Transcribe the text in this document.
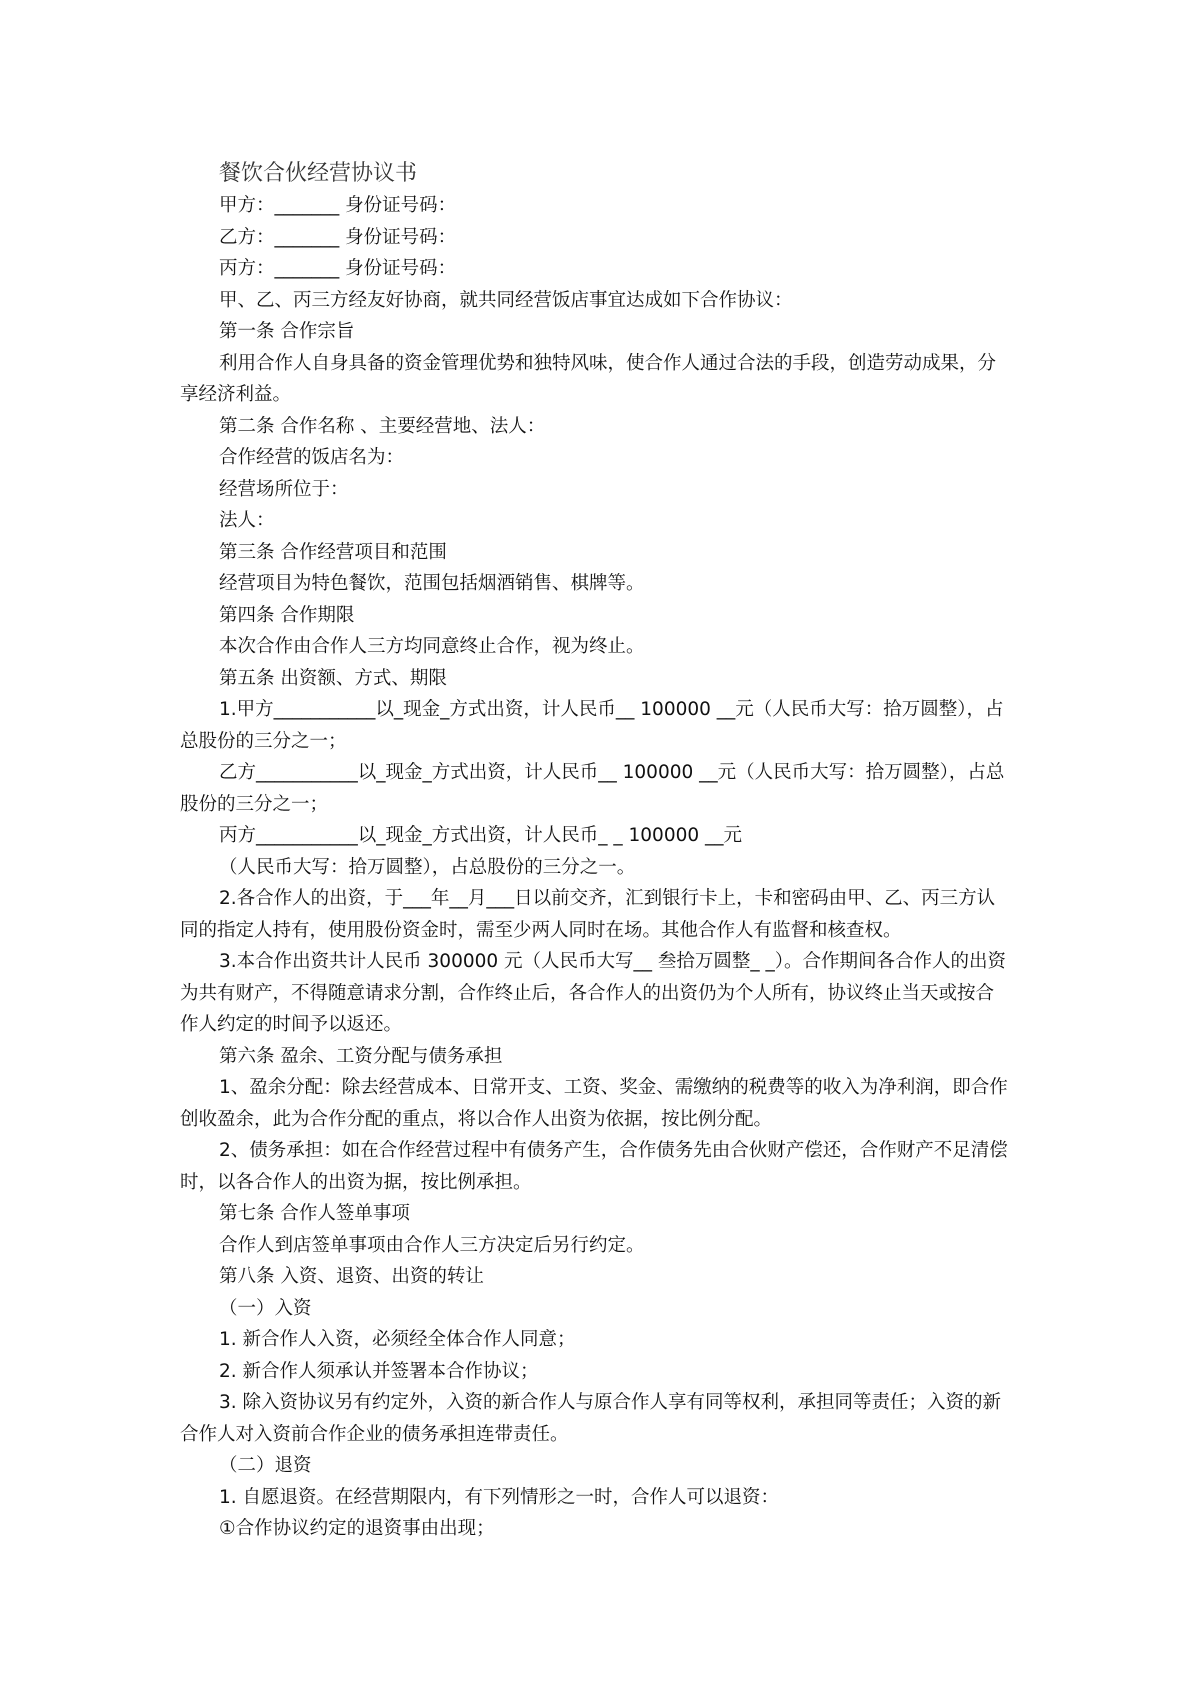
餐饮合伙经营协议书

甲方：_______ 身份证号码：

乙方：_______ 身份证号码：

丙方：_______ 身份证号码：

甲、乙、丙三方经友好协商，就共同经营饭店事宜达成如下合作协议：

第一条 合作宗旨

利用合作人自身具备的资金管理优势和独特风味，使合作人通过合法的手段，创造劳动成果，分享经济利益。

第二条 合作名称 、主要经营地、法人：

合作经营的饭店名为：

经营场所位于：

法人：

第三条 合作经营项目和范围

经营项目为特色餐饮，范围包括烟酒销售、棋牌等。

第四条 合作期限

本次合作由合作人三方均同意终止合作，视为终止。

第五条 出资额、方式、期限

1.甲方___________以_现金_方式出资，计人民币__ 100000 __元（人民币大写：拾万圆整），占总股份的三分之一；

乙方___________以_现金_方式出资，计人民币__ 100000 __元（人民币大写：拾万圆整），占总股份的三分之一；

丙方___________以_现金_方式出资，计人民币_ _ 100000 __元

（人民币大写：拾万圆整），占总股份的三分之一。

2.各合作人的出资，于___年__月___日以前交齐，汇到银行卡上，卡和密码由甲、乙、丙三方认同的指定人持有，使用股份资金时，需至少两人同时在场。其他合作人有监督和核查权。

3.本合作出资共计人民币 300000 元（人民币大写__ 叁拾万圆整_ _）。合作期间各合作人的出资为共有财产，不得随意请求分割，合作终止后，各合作人的出资仍为个人所有，协议终止当天或按合作人约定的时间予以返还。

第六条 盈余、工资分配与债务承担

1、盈余分配：除去经营成本、日常开支、工资、奖金、需缴纳的税费等的收入为净利润，即合作创收盈余，此为合作分配的重点，将以合作人出资为依据，按比例分配。

2、债务承担：如在合作经营过程中有债务产生，合作债务先由合伙财产偿还，合作财产不足清偿时，以各合作人的出资为据，按比例承担。

第七条 合作人签单事项

合作人到店签单事项由合作人三方决定后另行约定。

第八条 入资、退资、出资的转让

（一）入资

1. 新合作人入资，必须经全体合作人同意；

2. 新合作人须承认并签署本合作协议；

3. 除入资协议另有约定外，入资的新合作人与原合作人享有同等权利，承担同等责任；入资的新合作人对入资前合作企业的债务承担连带责任。

（二）退资

1. 自愿退资。在经营期限内，有下列情形之一时，合作人可以退资：

①合作协议约定的退资事由出现；
